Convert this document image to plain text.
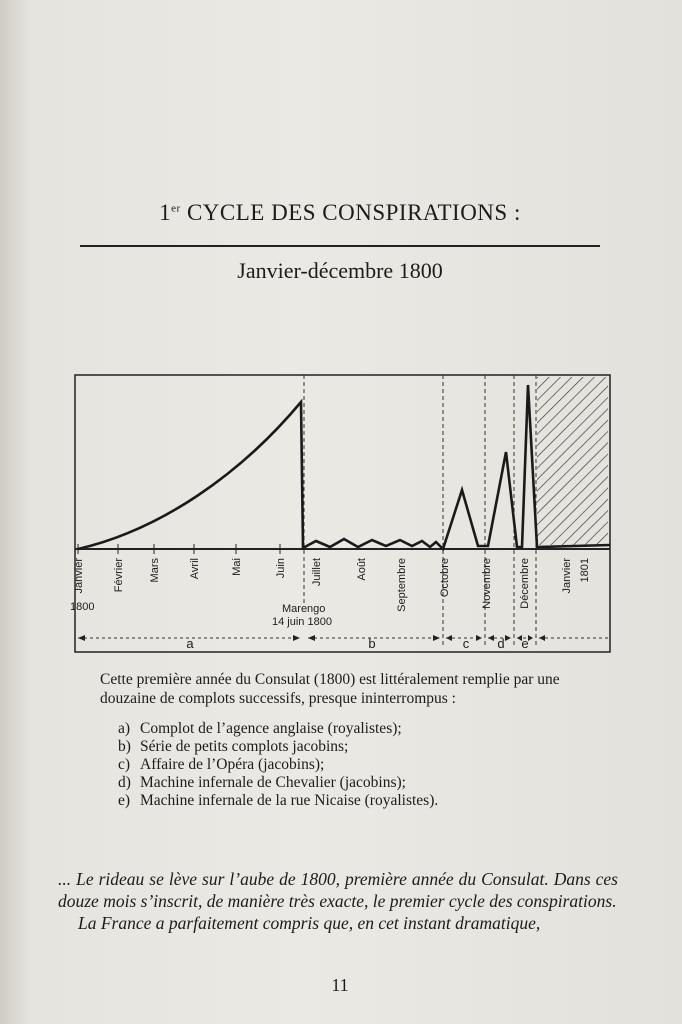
1er CYCLE DES CONSPIRATIONS :
Janvier-décembre 1800
Janvier
1800
Février Mars	Avril	Mai	Juin Juillet	Août	Septembre	Octobre	Novembre Décembre	Janvier 1801
Marengo
14 juin 1800
a	b	c d e
Cette première année du Consulat (1800) est littéralement remplie par une douzaine de complots successifs, presque ininterrompus :
a) Complot de l’agence anglaise (royalistes);
b) Série de petits complots jacobins;
c) Affaire de l’Opéra (jacobins);
d) Machine infernale de Chevalier (jacobins);
e) Machine infernale de la rue Nicaise (royalistes).

... Le rideau se lève sur l’aube de 1800, première année du Consulat. Dans ces douze mois s’inscrit, de manière très exacte, le premier cycle des conspirations.

La France a parfaitement compris que, en cet instant dramatique,

11
